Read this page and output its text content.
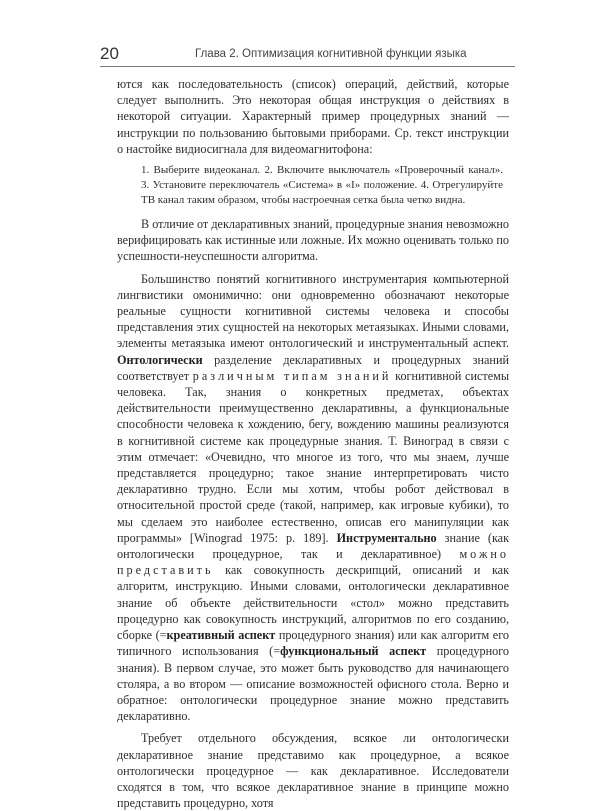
20	Глава 2. Оптимизация когнитивной функции языка

ются как последовательность (список) операций, действий, которые следует выполнить. Это некоторая общая инструкция о действиях в некоторой ситуации. Характерный пример процедурных знаний — инструкции по пользованию бытовыми приборами. Ср. текст инструкции о настойке видиосигнала для видеомагнитофона:

1. Выберите видеоканал. 2. Включите выключатель «Проверочный канал». 3. Установите переключатель «Система» в «I» положение. 4. Отрегулируйте ТВ канал таким образом, чтобы настроечная сетка была четко видна.

В отличие от декларативных знаний, процедурные знания невозможно верифицировать как истинные или ложные. Их можно оценивать только по успешности-неуспешности алгоритма.

Большинство понятий когнитивного инструментария компьютерной лингвистики омонимично: они одновременно обозначают некоторые реальные сущности когнитивной системы человека и способы представления этих сущностей на некоторых метаязыках. Иными словами, элементы метаязыка имеют онтологический и инструментальный аспект. Онтологически разделение декларативных и процедурных знаний соответствует различным типам знаний когнитивной системы человека. Так, знания о конкретных предметах, объектах действительности преимущественно декларативны, а функциональные способности человека к хождению, бегу, вождению машины реализуются в когнитивной системе как процедурные знания. Т. Виноград в связи с этим отмечает: «Очевидно, что многое из того, что мы знаем, лучше представляется процедурно; такое знание интерпретировать чисто декларативно трудно. Если мы хотим, чтобы робот действовал в относительной простой среде (такой, например, как игровые кубики), то мы сделаем это наиболее естественно, описав его манипуляции как программы» [Winograd 1975: p. 189]. Инструментально знание (как онтологически процедурное, так и декларативное) можно представить как совокупность дескрипций, описаний и как алгоритм, инструкцию. Иными словами, онтологически декларативное знание об объекте действительности «стол» можно представить процедурно как совокупность инструкций, алгоритмов по его созданию, сборке (=креативный аспект процедурного знания) или как алгоритм его типичного использования (=функциональный аспект процедурного знания). В первом случае, это может быть руководство для начинающего столяра, а во втором — описание возможностей офисного стола. Верно и обратное: онтологически процедурное знание можно представить декларативно.

Требует отдельного обсуждения, всякое ли онтологически декларативное знание представимо как процедурное, а всякое онтологически процедурное — как декларативное. Исследователи сходятся в том, что всякое декларативное знание в принципе можно представить процедурно, хотя
